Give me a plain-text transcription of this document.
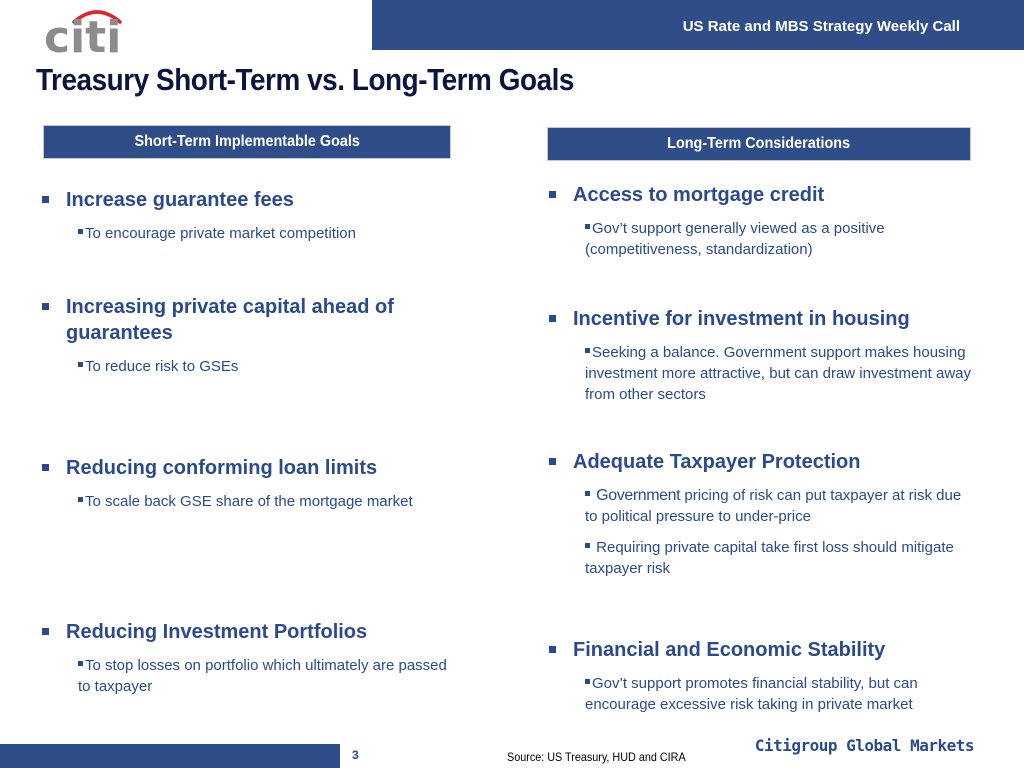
citi	US Rate and MBS Strategy Weekly Call
Treasury Short-Term vs. Long-Term Goals
Short-Term Implementable Goals	Long-Term Considerations
Increase guarantee fees
To encourage private market competition
Increasing private capital ahead of guarantees
To reduce risk to GSEs
Reducing conforming loan limits
To scale back GSE share of the mortgage market
Reducing Investment Portfolios
To stop losses on portfolio which ultimately are passed to taxpayer
Access to mortgage credit
Gov’t support generally viewed as a positive (competitiveness, standardization)
Incentive for investment in housing
Seeking a balance. Government support makes housing investment more attractive, but can draw investment away from other sectors
Adequate Taxpayer Protection
Government pricing of risk can put taxpayer at risk due to political pressure to under-price
Requiring private capital take first loss should mitigate taxpayer risk
Financial and Economic Stability
Gov’t support promotes financial stability, but can encourage excessive risk taking in private market
3	Source: US Treasury, HUD and CIRA
Citigroup Global Markets
